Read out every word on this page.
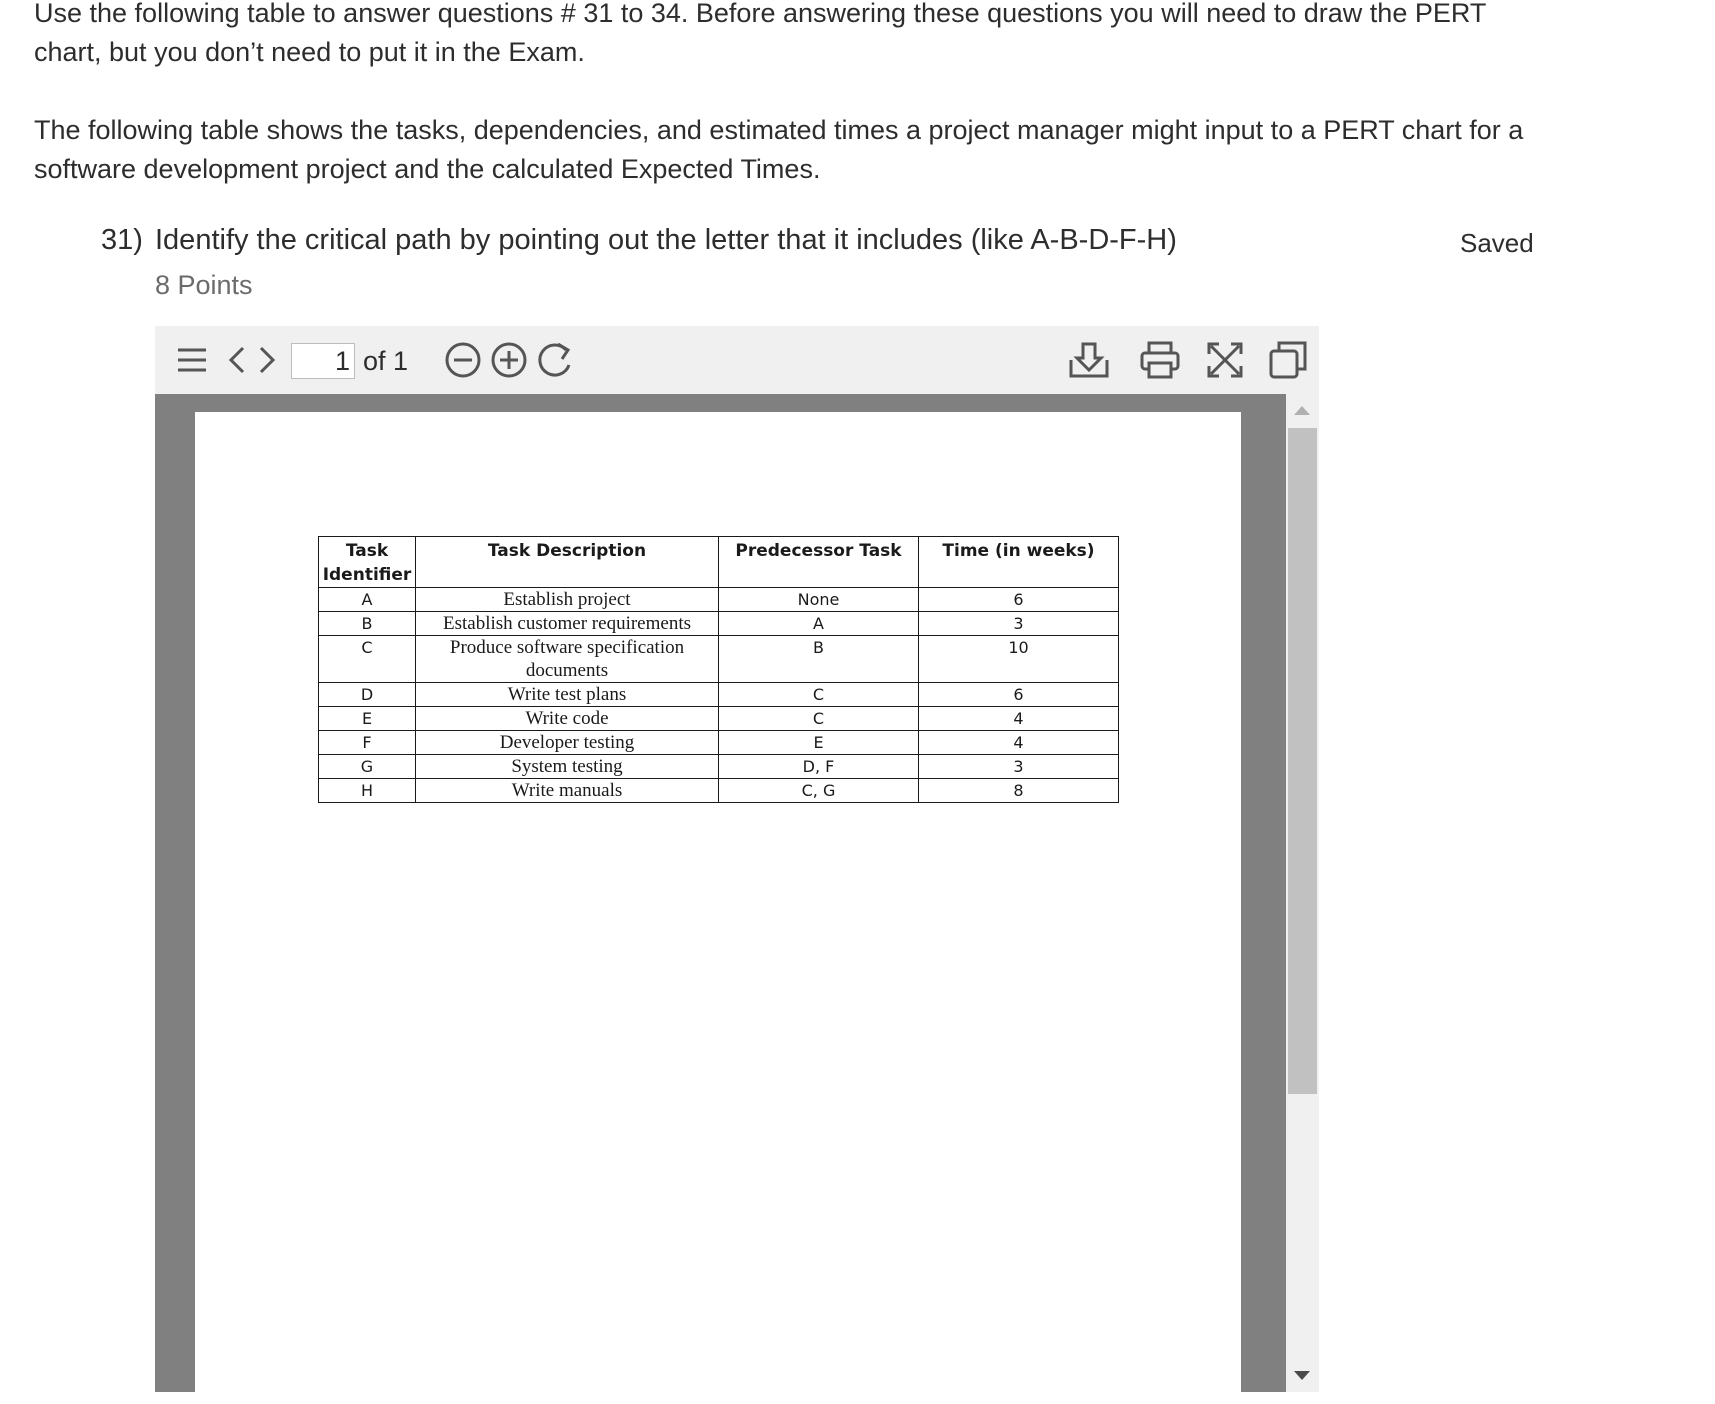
Use the following table to answer questions # 31 to 34. Before answering these questions you will need to draw the PERT chart, but you don’t need to put it in the Exam.
The following table shows the tasks, dependencies, and estimated times a project manager might input to a PERT chart for a software development project and the calculated Expected Times.
31) Identify the critical path by pointing out the letter that it includes (like A-B-D-F-H)
8 Points
Saved
1 of 1
Task
Identifier	Task Description	Predecessor Task	Time (in weeks)
A	Establish project	None	6
B	Establish customer requirements	A	3
C	Produce software specification documents	B	10
D	Write test plans	C	6
E	Write code	C	4
F	Developer testing	E	4
G	System testing	D, F	3
H	Write manuals	C, G	8
